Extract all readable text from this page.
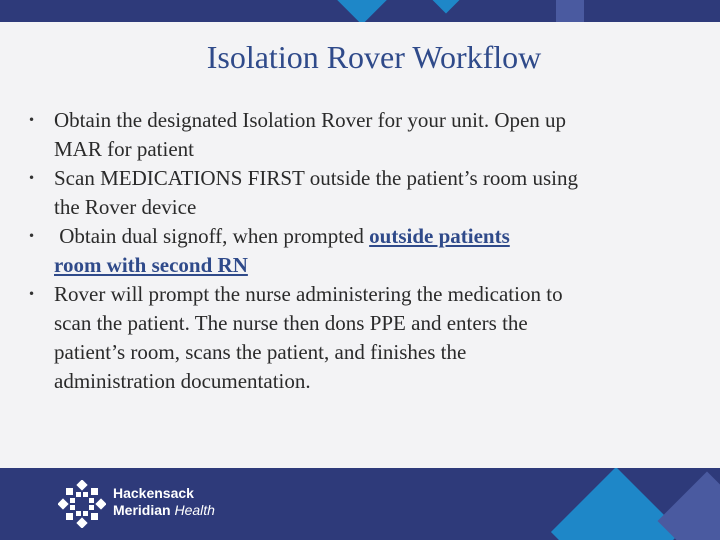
Isolation Rover Workflow
• Obtain the designated Isolation Rover for your unit. Open up
MAR for patient
• Scan MEDICATIONS FIRST outside the patient’s room using
the Rover device
• Obtain dual signoff, when prompted outside patients
room with second RN
• Rover will prompt the nurse administering the medication to
scan the patient. The nurse then dons PPE and enters the
patient’s room, scans the patient, and finishes the
administration documentation.
Hackensack
Meridian Health
